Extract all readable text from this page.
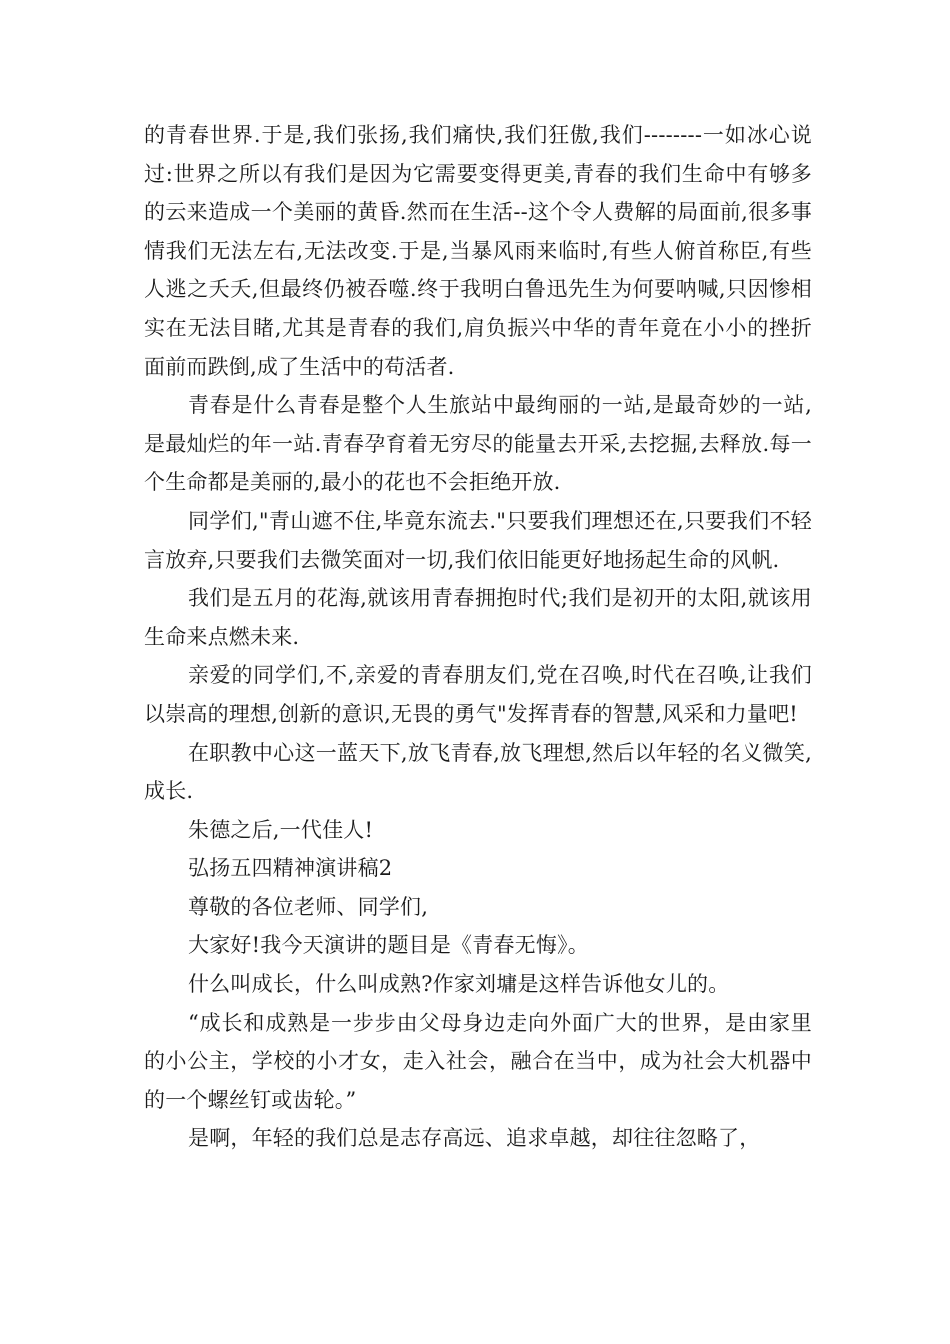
的青春世界.于是,我们张扬,我们痛快,我们狂傲,我们--------一如冰心说过:世界之所以有我们是因为它需要变得更美,青春的我们生命中有够多的云来造成一个美丽的黄昏.然而在生活--这个令人费解的局面前,很多事情我们无法左右,无法改变.于是,当暴风雨来临时,有些人俯首称臣,有些人逃之夭夭,但最终仍被吞噬.终于我明白鲁迅先生为何要呐喊,只因惨相实在无法目睹,尤其是青春的我们,肩负振兴中华的青年竟在小小的挫折面前而跌倒,成了生活中的苟活者.

青春是什么青春是整个人生旅站中最绚丽的一站,是最奇妙的一站,是最灿烂的年一站.青春孕育着无穷尽的能量去开采,去挖掘,去释放.每一个生命都是美丽的,最小的花也不会拒绝开放.

同学们,"青山遮不住,毕竟东流去."只要我们理想还在,只要我们不轻言放弃,只要我们去微笑面对一切,我们依旧能更好地扬起生命的风帆.

我们是五月的花海,就该用青春拥抱时代;我们是初开的太阳,就该用生命来点燃未来.

亲爱的同学们,不,亲爱的青春朋友们,党在召唤,时代在召唤,让我们以崇高的理想,创新的意识,无畏的勇气"发挥青春的智慧,风采和力量吧!

在职教中心这一蓝天下,放飞青春,放飞理想,然后以年轻的名义微笑,成长.

朱德之后,一代佳人!

弘扬五四精神演讲稿2

尊敬的各位老师、同学们,

大家好!我今天演讲的题目是《青春无悔》。

什么叫成长，什么叫成熟?作家刘墉是这样告诉他女儿的。

“成长和成熟是一步步由父母身边走向外面广大的世界，是由家里的小公主，学校的小才女，走入社会，融合在当中，成为社会大机器中的一个螺丝钉或齿轮。”

是啊，年轻的我们总是志存高远、追求卓越，却往往忽略了，
